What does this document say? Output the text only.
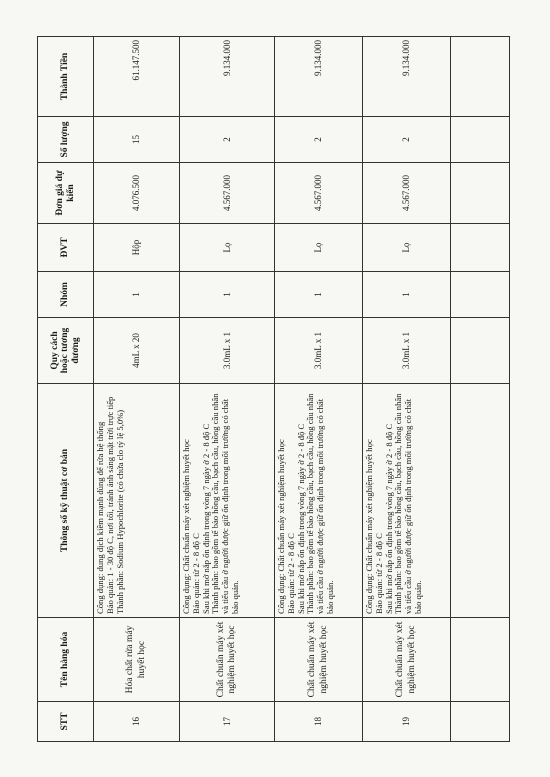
STT	Tên hàng hóa	Thông số kỹ thuật cơ bản	Quy cách hoặc tương đương	Nhóm	ĐVT	Đơn giá dự kiến	Số lượng	Thành Tiền
16	Hóa chất rửa máy huyết học	Công dụng: dung dịch kiềm mạnh dùng để rửa hệ thống Bảo quản: 1 - 30 độ C, nơi tối, tránh ánh sáng mặt trời trực tiếp Thành phần: Sodium Hypochlorite (có chứa clo tỷ lệ 5,0%)	4mL x 20	1	Hộp	4.076.500	15	61.147.500
17	Chất chuẩn máy xét nghiệm huyết học	Công dụng: Chất chuẩn máy xét nghiệm huyết học Bảo quản: từ 2 - 8 độ C Sau khi mở nắp ổn định trong vòng 7 ngày ở 2 - 8 độ C Thành phần: bao gồm tế bào hồng cầu, bạch cầu, hồng cầu nhân và tiểu cầu ở người được giữ ổn định trong môi trường có chất bảo quản.	3.0mL x 1	1	Lọ	4.567.000	2	9.134.000
18	Chất chuẩn máy xét nghiệm huyết học	Công dụng: Chất chuẩn máy xét nghiệm huyết học Bảo quản: từ 2 - 8 độ C Sau khi mở nắp ổn định trong vòng 7 ngày ở 2 - 8 độ C Thành phần: bao gồm tế bào hồng cầu, bạch cầu, hồng cầu nhân và tiểu cầu ở người được giữ ổn định trong môi trường có chất bảo quản.	3.0mL x 1	1	Lọ	4.567.000	2	9.134.000
19	Chất chuẩn máy xét nghiệm huyết học	Công dụng: Chất chuẩn máy xét nghiệm huyết học Bảo quản: từ 2 - 8 độ C Sau khi mở nắp ổn định trong vòng 7 ngày ở 2 - 8 độ C Thành phần: bao gồm tế bào hồng cầu, bạch cầu, hồng cầu nhân và tiểu cầu ở người được giữ ổn định trong môi trường có chất bảo quản.	3.0mL x 1	1	Lọ	4.567.000	2	9.134.000
